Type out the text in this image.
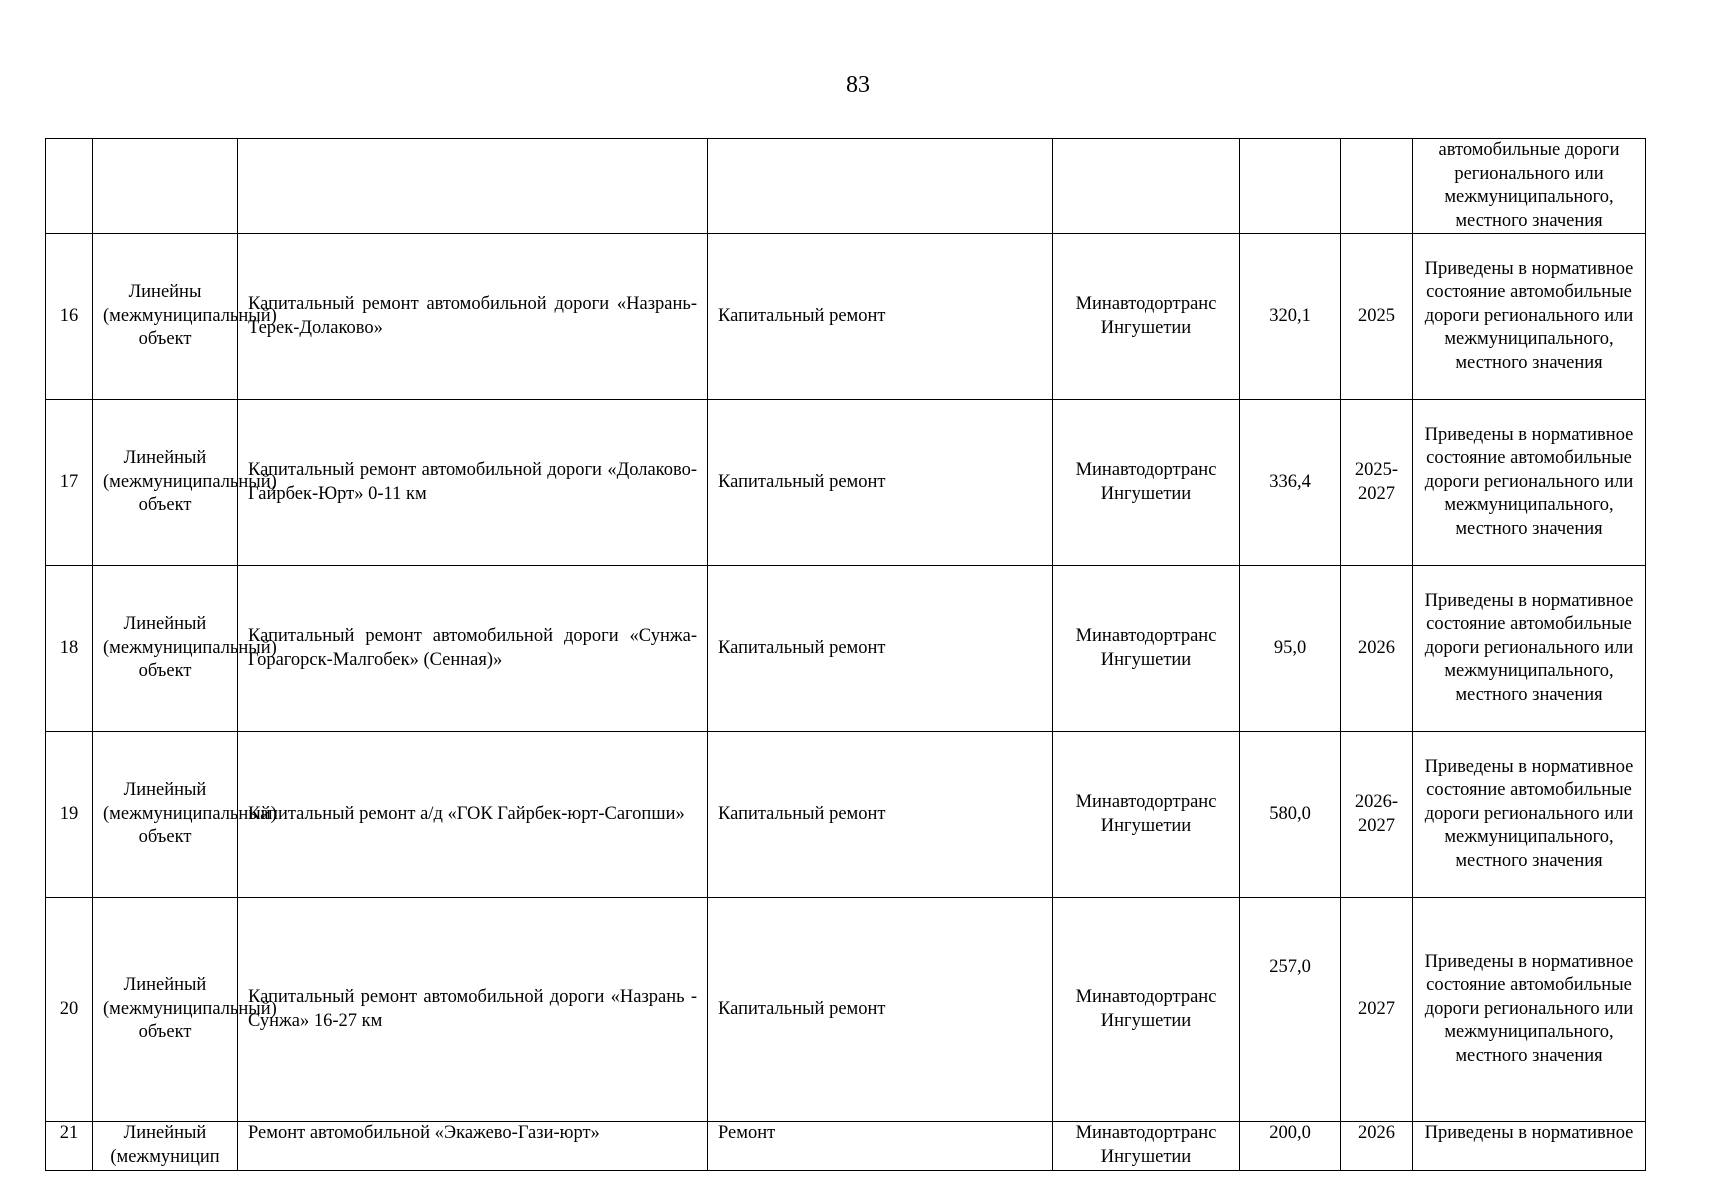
83
							автомобильные дороги регионального или межмуниципального, местного значения
16	Линейны (межмуниципальный) объект	Капитальный ремонт автомобильной дороги «Назрань-Терек-Долаково»	Капитальный ремонт	Минавтодортранс Ингушетии	320,1	2025	Приведены в нормативное состояние автомобильные дороги регионального или межмуниципального, местного значения
17	Линейный (межмуниципальный) объект	Капитальный ремонт автомобильной дороги «Долаково-Гайрбек-Юрт» 0-11 км	Капитальный ремонт	Минавтодортранс Ингушетии	336,4	2025-2027	Приведены в нормативное состояние автомобильные дороги регионального или межмуниципального, местного значения
18	Линейный (межмуниципальный) объект	Капитальный ремонт автомобильной дороги «Сунжа-Горагорск-Малгобек» (Сенная)»	Капитальный ремонт	Минавтодортранс Ингушетии	95,0	2026	Приведены в нормативное состояние автомобильные дороги регионального или межмуниципального, местного значения
19	Линейный (межмуниципальный) объект	Капитальный ремонт а/д «ГОК Гайрбек-юрт-Сагопши»	Капитальный ремонт	Минавтодортранс Ингушетии	580,0	2026-2027	Приведены в нормативное состояние автомобильные дороги регионального или межмуниципального, местного значения
20	Линейный (межмуниципальный) объект	Капитальный ремонт автомобильной дороги «Назрань - Сунжа» 16-27 км	Капитальный ремонт	Минавтодортранс Ингушетии	257,0	2027	Приведены в нормативное состояние автомобильные дороги регионального или межмуниципального, местного значения
21	Линейный (межмуницип	Ремонт автомобильной «Экажево-Гази-юрт»	Ремонт	Минавтодортранс Ингушетии	200,0	2026	Приведены в нормативное
